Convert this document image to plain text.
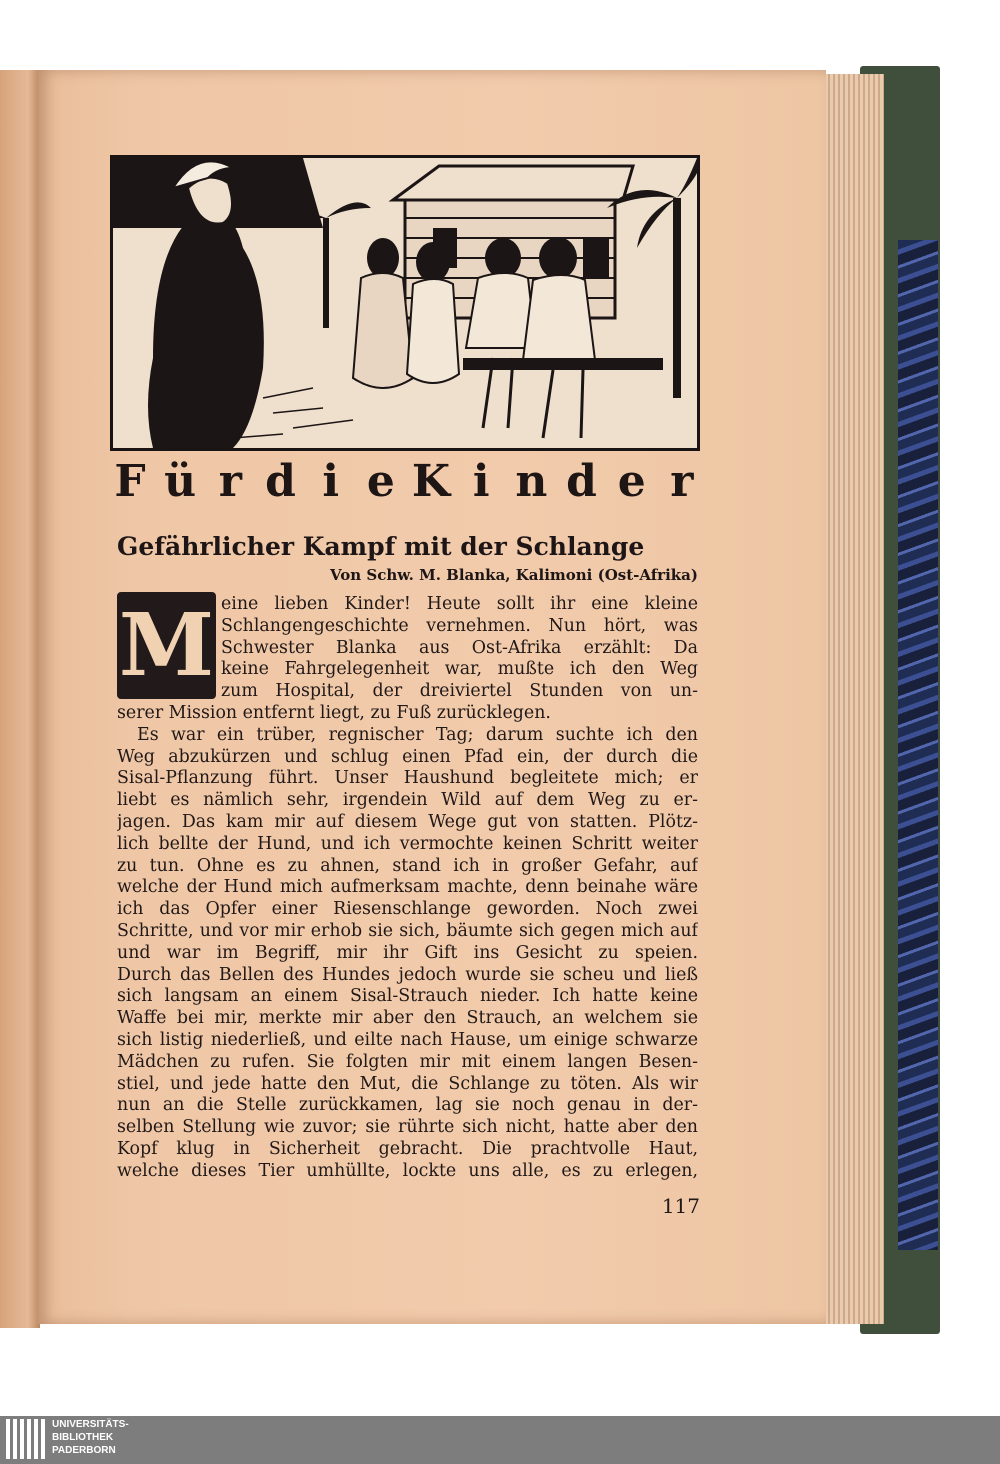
F ü r d i e K i n d e r
Gefährlicher Kampf mit der Schlange
Von Schw. M. Blanka, Kalimoni (Ost-Afrika)
M eine lieben Kinder! Heute sollt ihr eine kleine
Schlangengeschichte vernehmen. Nun hört, was
Schwester Blanka aus Ost-Afrika erzählt: Da
keine Fahrgelegenheit war, mußte ich den Weg
zum Hospital, der dreiviertel Stunden von un-
serer Mission entfernt liegt, zu Fuß zurücklegen.
Es war ein trüber, regnischer Tag; darum suchte ich den
Weg abzukürzen und schlug einen Pfad ein, der durch die
Sisal-Pflanzung führt. Unser Haushund begleitete mich; er
liebt es nämlich sehr, irgendein Wild auf dem Weg zu er-
jagen. Das kam mir auf diesem Wege gut von statten. Plötz-
lich bellte der Hund, und ich vermochte keinen Schritt weiter
zu tun. Ohne es zu ahnen, stand ich in großer Gefahr, auf
welche der Hund mich aufmerksam machte, denn beinahe wäre
ich das Opfer einer Riesenschlange geworden. Noch zwei
Schritte, und vor mir erhob sie sich, bäumte sich gegen mich auf
und war im Begriff, mir ihr Gift ins Gesicht zu speien.
Durch das Bellen des Hundes jedoch wurde sie scheu und ließ
sich langsam an einem Sisal-Strauch nieder. Ich hatte keine
Waffe bei mir, merkte mir aber den Strauch, an welchem sie
sich listig niederließ, und eilte nach Hause, um einige schwarze
Mädchen zu rufen. Sie folgten mir mit einem langen Besen-
stiel, und jede hatte den Mut, die Schlange zu töten. Als wir
nun an die Stelle zurückkamen, lag sie noch genau in der-
selben Stellung wie zuvor; sie rührte sich nicht, hatte aber den
Kopf klug in Sicherheit gebracht. Die prachtvolle Haut,
welche dieses Tier umhüllte, lockte uns alle, es zu erlegen,
117
UNIVERSITÄTS-
BIBLIOTHEK
PADERBORN
